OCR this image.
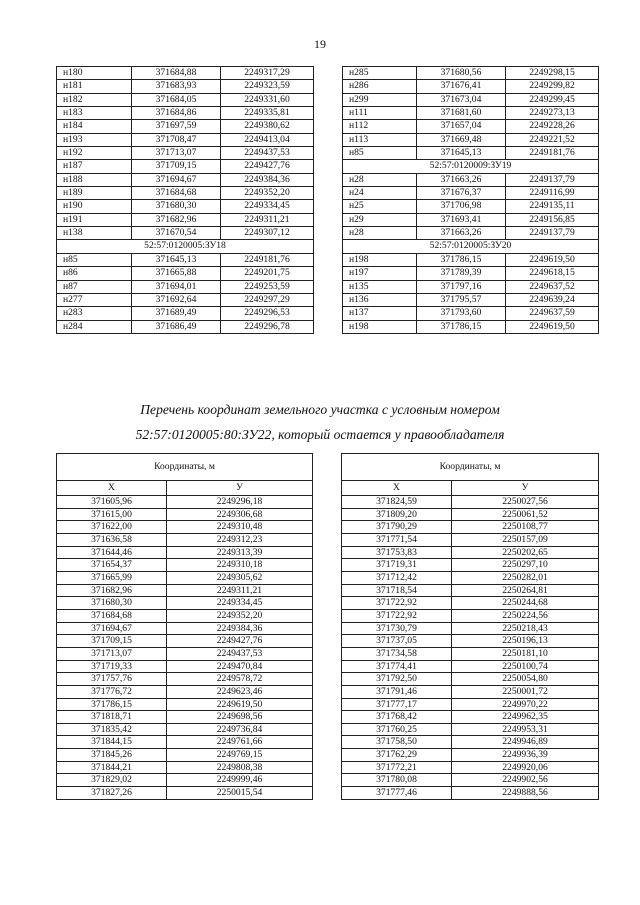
19
н180	371684,88	2249317,29
н181	371683,93	2249323,59
н182	371684,05	2249331,60
н183	371684,86	2249335,81
н184	371697,59	2249380,62
н193	371708,47	2249413,04
н192	371713,07	2249437,53
н187	371709,15	2249427,76
н188	371694,67	2249384,36
н189	371684,68	2249352,20
н190	371680,30	2249334,45
н191	371682,96	2249311,21
н138	371670,54	2249307,12
52:57:0120005:ЗУ18		
н85	371645,13	2249181,76
н86	371665,88	2249201,75
н87	371694,01	2249253,59
н277	371692,64	2249297,29
н283	371689,49	2249296,53
н284	371686,49	2249296,78
н285	371680,56	2249298,15
н286	371676,41	2249299,82
н299	371673,04	2249299,45
н111	371681,60	2249273,13
н112	371657,04	2249228,26
н113	371669,48	2249221,52
н85	371645,13	2249181,76
52:57:0120009:ЗУ19		
н28	371663,26	2249137,79
н24	371676,37	2249116,99
н25	371706,98	2249135,11
н29	371693,41	2249156,85
н28	371663,26	2249137,79
52:57:0120005:ЗУ20		
н198	371786,15	2249619,50
н197	371789,39	2249618,15
н135	371797,16	2249637,52
н136	371795,57	2249639,24
н137	371793,60	2249637,59
н198	371786,15	2249619,50
Перечень координат земельного участка с условным номером
52:57:0120005:80:ЗУ22, который остается у правообладателя
Координаты, м	
X	У
371605,96	2249296,18
371615,00	2249306,68
371622,00	2249310,48
371636,58	2249312,23
371644,46	2249313,39
371654,37	2249310,18
371665,99	2249305,62
371682,96	2249311,21
371680,30	2249334,45
371684,68	2249352,20
371694,67	2249384,36
371709,15	2249427,76
371713,07	2249437,53
371719,33	2249470,84
371757,76	2249578,72
371776,72	2249623,46
371786,15	2249619,50
371818,71	2249698,56
371835,42	2249736,84
371844,15	2249761,66
371845,26	2249769,15
371844,21	2249808,38
371829,02	2249999,46
371827,26	2250015,54
Координаты, м	
X	У
371824,59	2250027,56
371809,20	2250061,52
371790,29	2250108,77
371771,54	2250157,09
371753,83	2250202,65
371719,31	2250297,10
371712,42	2250282,01
371718,54	2250264,81
371722,92	2250244,68
371722,92	2250224,56
371730,79	2250218,43
371737,05	2250196,13
371734,58	2250181,10
371774,41	2250100,74
371792,50	2250054,80
371791,46	2250001,72
371777,17	2249970,22
371768,42	2249962,35
371760,25	2249953,31
371758,50	2249946,89
371762,29	2249936,39
371772,21	2249920,06
371780,08	2249902,56
371777,46	2249888,56
